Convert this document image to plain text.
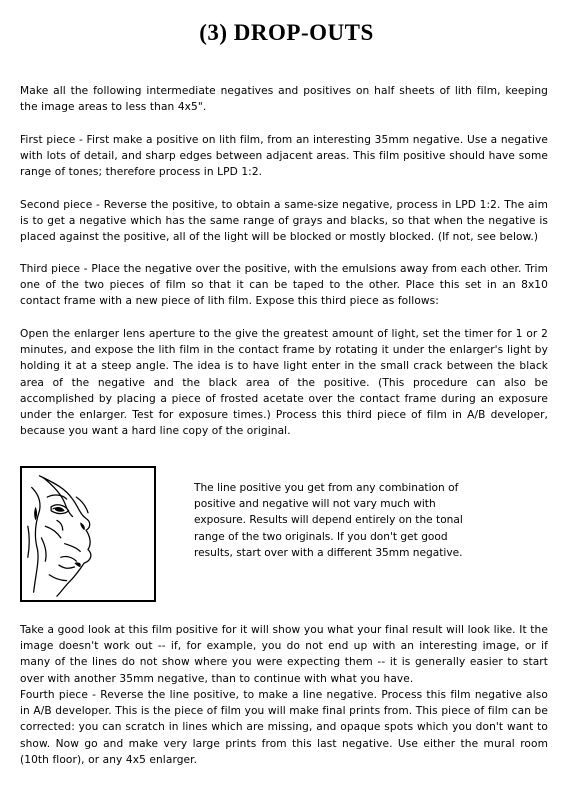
(3) DROP-OUTS
Make all the following intermediate negatives and positives on half sheets of lith film, keeping the image areas to less than 4x5".
First piece - First make a positive on lith film, from an interesting 35mm negative. Use a negative with lots of detail, and sharp edges between adjacent areas. This film positive should have some range of tones; therefore process in LPD 1:2.
Second piece - Reverse the positive, to obtain a same-size negative, process in LPD 1:2. The aim is to get a negative which has the same range of grays and blacks, so that when the negative is placed against the positive, all of the light will be blocked or mostly blocked. (If not, see below.)
Third piece - Place the negative over the positive, with the emulsions away from each other. Trim one of the two pieces of film so that it can be taped to the other. Place this set in an 8x10 contact frame with a new piece of lith film. Expose this third piece as follows:
Open the enlarger lens aperture to the give the greatest amount of light, set the timer for 1 or 2 minutes, and expose the lith film in the contact frame by rotating it under the enlarger's light by holding it at a steep angle. The idea is to have light enter in the small crack between the black area of the negative and the black area of the positive. (This procedure can also be accomplished by placing a piece of frosted acetate over the contact frame during an exposure under the enlarger. Test for exposure times.) Process this third piece of film in A/B developer, because you want a hard line copy of the original.
The line positive you get from any combination of positive and negative will not vary much with exposure. Results will depend entirely on the tonal range of the two originals. If you don't get good results, start over with a different 35mm negative.
Take a good look at this film positive for it will show you what your final result will look like. It the image doesn't work out -- if, for example, you do not end up with an interesting image, or if many of the lines do not show where you were expecting them -- it is generally easier to start over with another 35mm negative, than to continue with what you have.
Fourth piece - Reverse the line positive, to make a line negative. Process this film negative also in A/B developer. This is the piece of film you will make final prints from. This piece of film can be corrected: you can scratch in lines which are missing, and opaque spots which you don't want to show. Now go and make very large prints from this last negative. Use either the mural room (10th floor), or any 4x5 enlarger.
